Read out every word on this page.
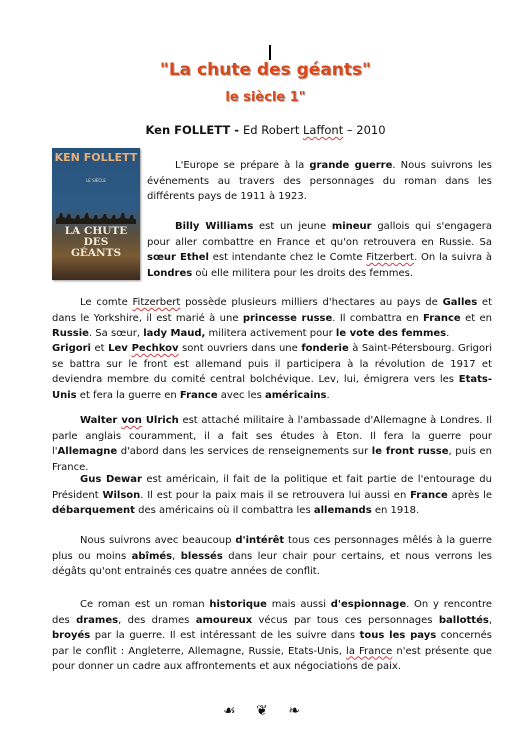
"La chute des géants"
le siècle 1"
Ken FOLLETT - Ed Robert Laffont – 2010
KEN FOLLETT
LE SIÈCLE
LA CHUTE
DES
GÉANTS

L'Europe se prépare à la grande guerre. Nous suivrons les événements au travers des personnages du roman dans les différents pays de 1911 à 1923.

Billy Williams est un jeune mineur gallois qui s'engagera pour aller combattre en France et qu'on retrouvera en Russie. Sa sœur Ethel est intendante chez le Comte Fitzerbert. On la suivra à Londres où elle militera pour les droits des femmes.

Le comte Fitzerbert possède plusieurs milliers d'hectares au pays de Galles et dans le Yorkshire, il est marié à une princesse russe. Il combattra en France et en Russie. Sa sœur, lady Maud, militera activement pour le vote des femmes.

Grigori et Lev Pechkov sont ouvriers dans une fonderie à Saint-Pétersbourg. Grigori se battra sur le front est allemand puis il participera à la révolution de 1917 et deviendra membre du comité central bolchévique. Lev, lui, émigrera vers les Etats-Unis et fera la guerre en France avec les américains.

Walter von Ulrich est attaché militaire à l'ambassade d'Allemagne à Londres. Il parle anglais couramment, il a fait ses études à Eton. Il fera la guerre pour l'Allemagne d'abord dans les services de renseignements sur le front russe, puis en France.

Gus Dewar est américain, il fait de la politique et fait partie de l'entourage du Président Wilson. Il est pour la paix mais il se retrouvera lui aussi en France après le débarquement des américains où il combattra les allemands en 1918.

Nous suivrons avec beaucoup d'intérêt tous ces personnages mêlés à la guerre plus ou moins abîmés, blessés dans leur chair pour certains, et nous verrons les dégâts qu'ont entrainés ces quatre années de conflit.

Ce roman est un roman historique mais aussi d'espionnage. On y rencontre des drames, des drames amoureux vécus par tous ces personnages ballottés, broyés par la guerre. Il est intéressant de les suivre dans tous les pays concernés par le conflit : Angleterre, Allemagne, Russie, Etats-Unis, la France n'est présente que pour donner un cadre aux affrontements et aux négociations de paix.

☙ ❦ ❧
